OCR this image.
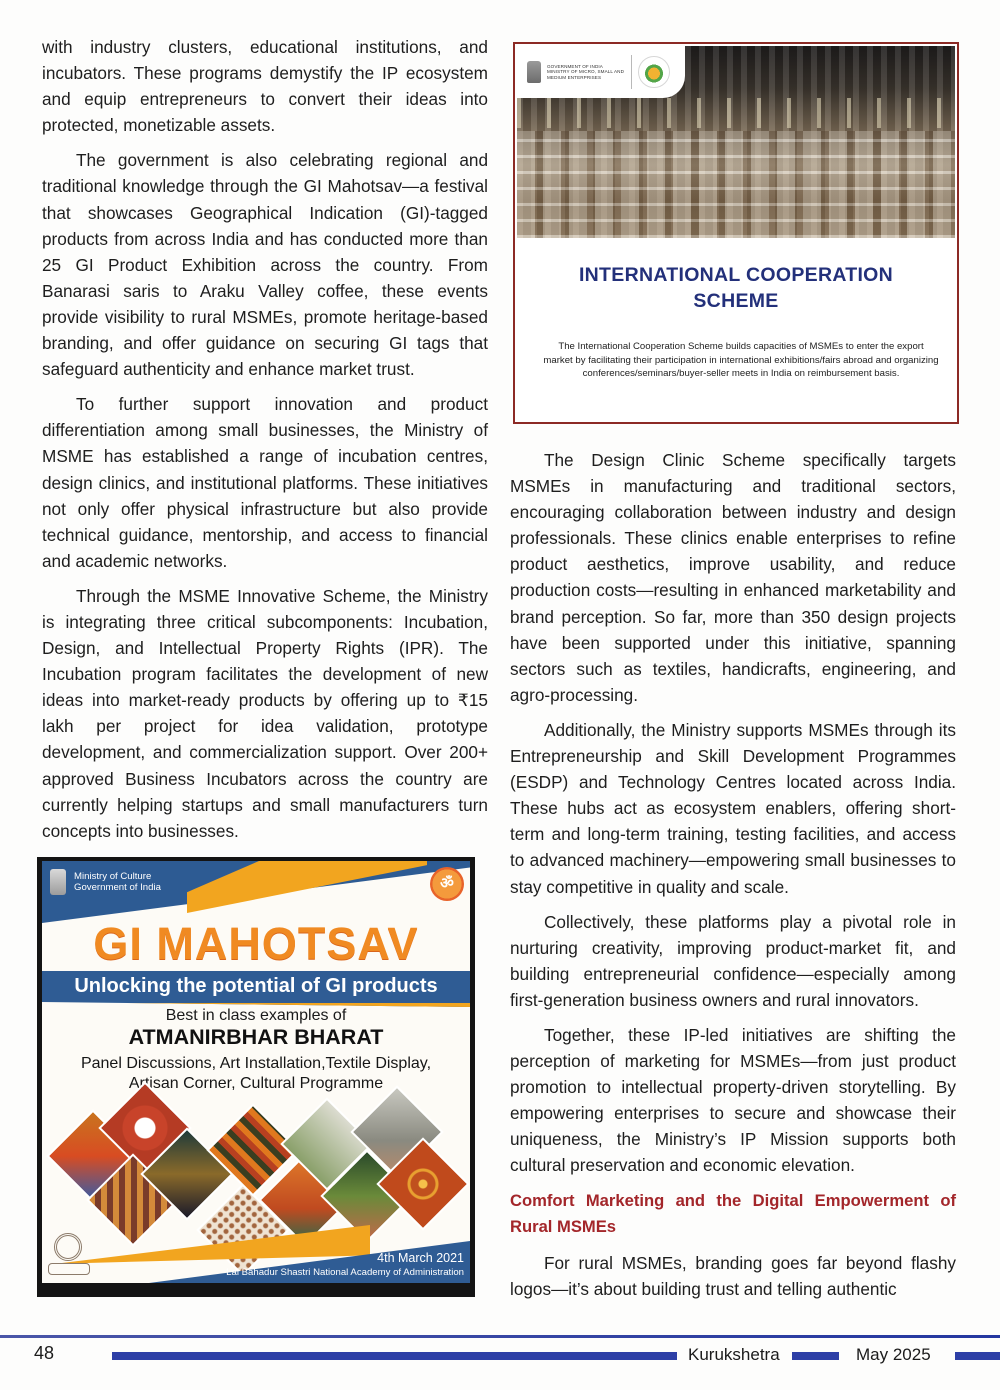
with industry clusters, educational institutions, and incubators. These programs demystify the IP ecosystem and equip entrepreneurs to convert their ideas into protected, monetizable assets.

The government is also celebrating regional and traditional knowledge through the GI Mahotsav—a festival that showcases Geographical Indication (GI)-tagged products from across India and has conducted more than 25 GI Product Exhibition across the country. From Banarasi saris to Araku Valley coffee, these events provide visibility to rural MSMEs, promote heritage-based branding, and offer guidance on securing GI tags that safeguard authenticity and enhance market trust.

To further support innovation and product differentiation among small businesses, the Ministry of MSME has established a range of incubation centres, design clinics, and institutional platforms. These initiatives not only offer physical infrastructure but also provide technical guidance, mentorship, and access to financial and academic networks.

Through the MSME Innovative Scheme, the Ministry is integrating three critical subcomponents: Incubation, Design, and Intellectual Property Rights (IPR). The Incubation program facilitates the development of new ideas into market-ready products by offering up to ₹15 lakh per project for idea validation, prototype development, and commercialization support. Over 200+ approved Business Incubators across the country are currently helping startups and small manufacturers turn concepts into businesses.

GOVERNMENT OF INDIA MINISTRY OF MICRO, SMALL AND MEDIUM ENTERPRISES
INTERNATIONAL COOPERATION
SCHEME
The International Cooperation Scheme builds capacities of MSMEs to enter the export market by facilitating their participation in international exhibitions/fairs abroad and organizing conferences/seminars/buyer-seller meets in India on reimbursement basis.

The Design Clinic Scheme specifically targets MSMEs in manufacturing and traditional sectors, encouraging collaboration between industry and design professionals. These clinics enable enterprises to refine product aesthetics, improve usability, and reduce production costs—resulting in enhanced marketability and brand perception. So far, more than 350 design projects have been supported under this initiative, spanning sectors such as textiles, handicrafts, engineering, and agro-processing.

Additionally, the Ministry supports MSMEs through its Entrepreneurship and Skill Development Programmes (ESDP) and Technology Centres located across India. These hubs act as ecosystem enablers, offering short-term and long-term training, testing facilities, and access to advanced machinery—empowering small businesses to stay competitive in quality and scale.

Collectively, these platforms play a pivotal role in nurturing creativity, improving product-market fit, and building entrepreneurial confidence—especially among first-generation business owners and rural innovators.

Together, these IP-led initiatives are shifting the perception of marketing for MSMEs—from just product promotion to intellectual property-driven storytelling. By empowering enterprises to secure and showcase their uniqueness, the Ministry’s IP Mission supports both cultural preservation and economic elevation.

Comfort Marketing and the Digital Empowerment of Rural MSMEs

For rural MSMEs, branding goes far beyond flashy logos—it’s about building trust and telling authentic

Ministry of Culture
Government of India	ॐ
GI MAHOTSAV
Unlocking the potential of GI products
Best in class examples of
ATMANIRBHAR BHARAT
Panel Discussions, Art Installation,Textile Display,
Artisan Corner, Cultural Programme
4th March 2021
Lal Bahadur Shastri National Academy of Administration
48	Kurukshetra	May 2025
